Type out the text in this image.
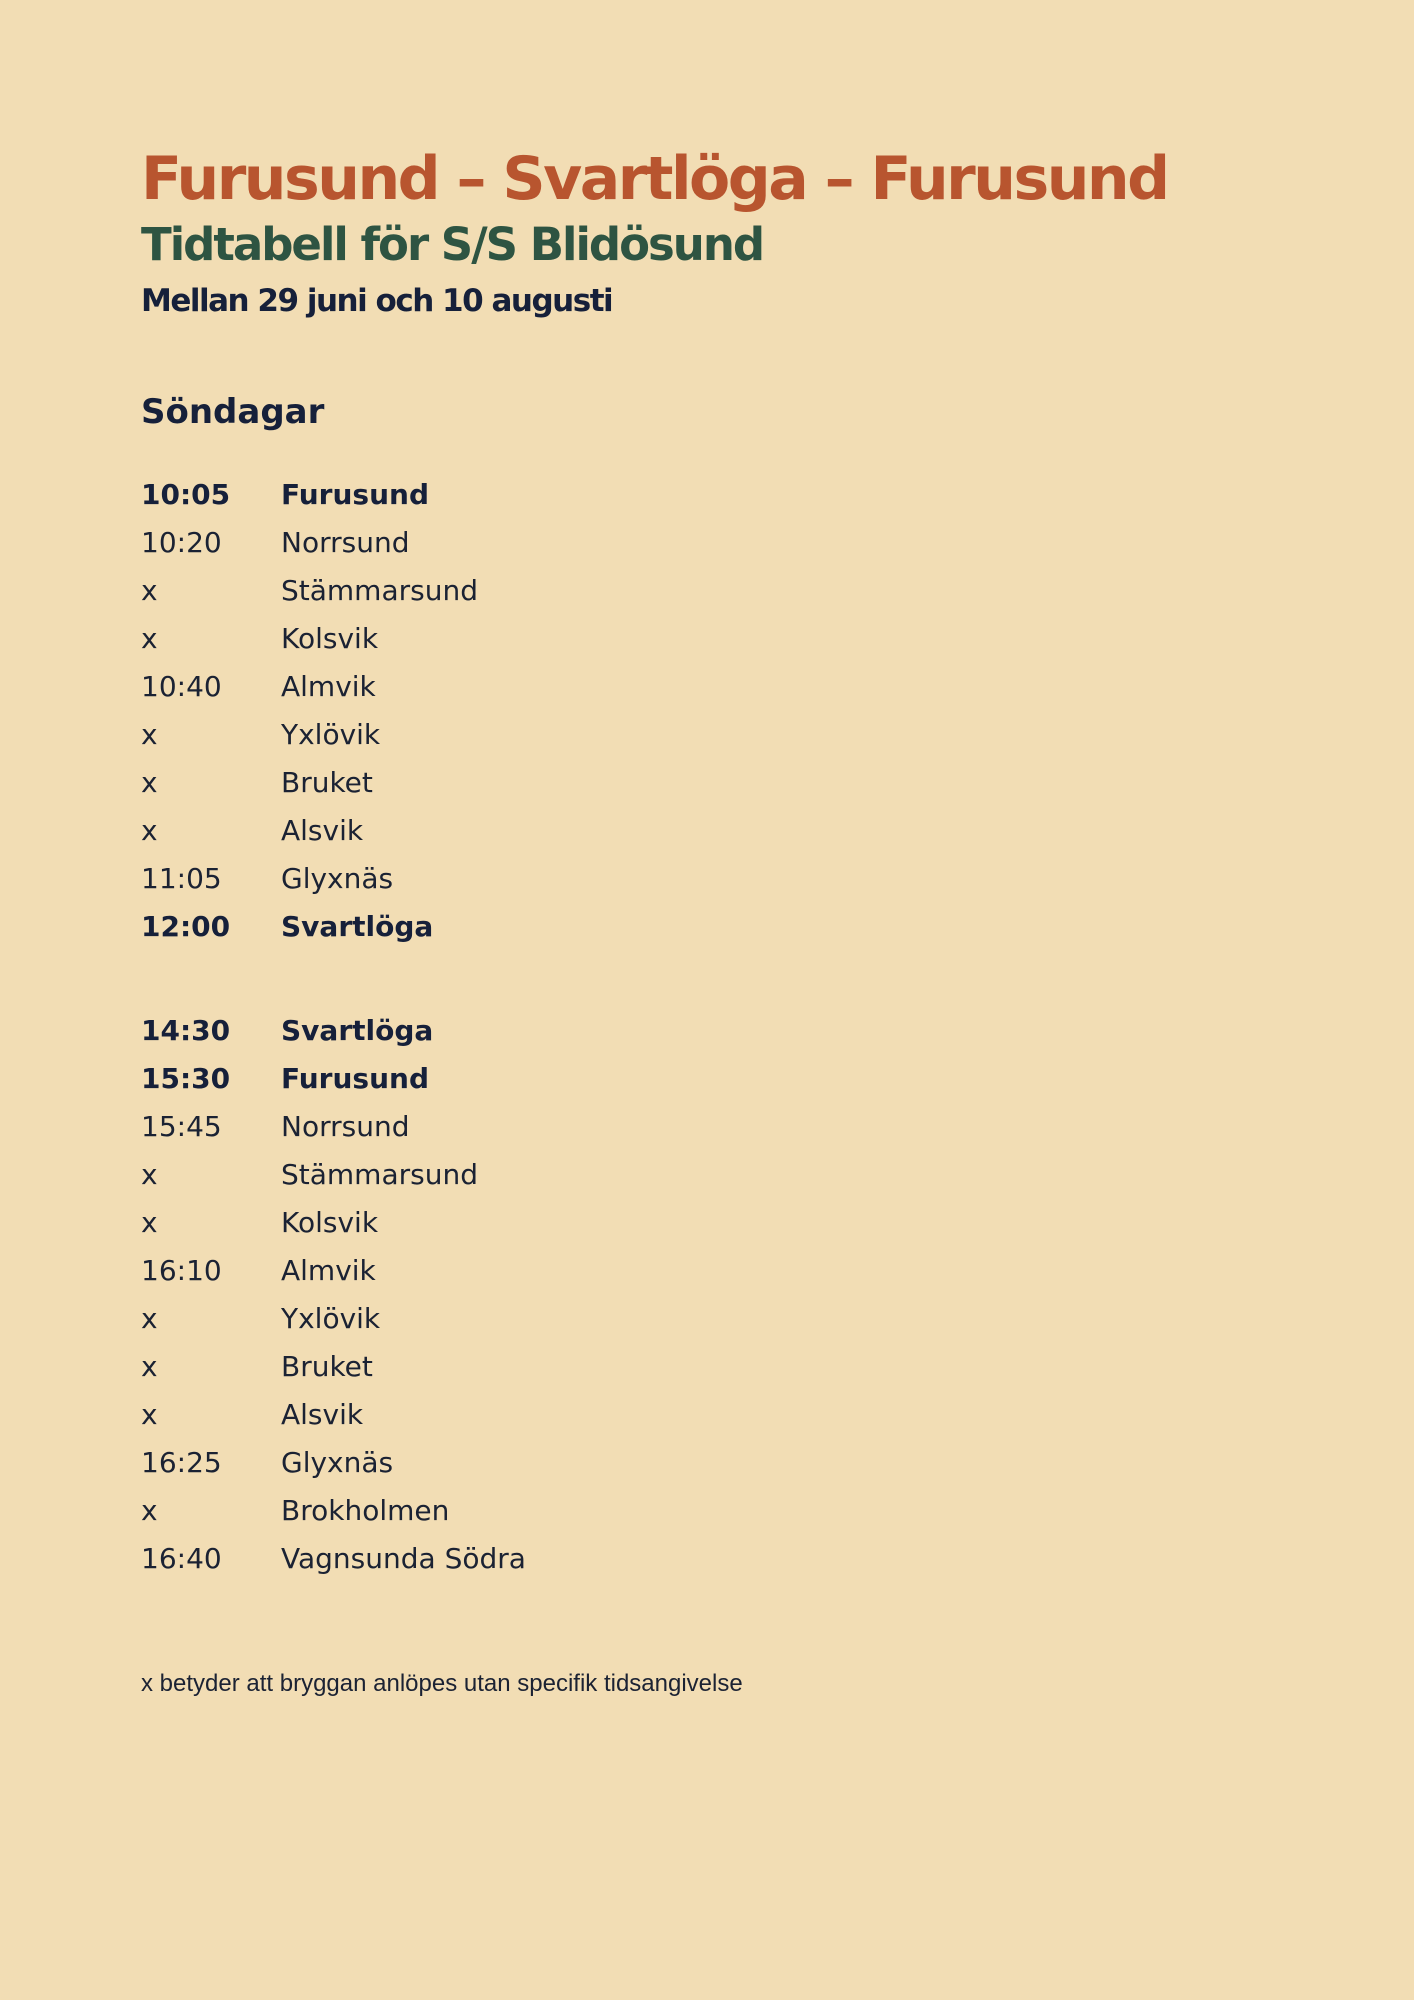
Furusund – Svartlöga – Furusund
Tidtabell för S/S Blidösund
Mellan 29 juni och 10 augusti
Söndagar
10:05	Furusund
10:20	Norrsund
x	Stämmarsund
x	Kolsvik
10:40	Almvik
x	Yxlövik
x	Bruket
x	Alsvik
11:05	Glyxnäs
12:00	Svartlöga
14:30	Svartlöga
15:30	Furusund
15:45	Norrsund
x	Stämmarsund
x	Kolsvik
16:10	Almvik
x	Yxlövik
x	Bruket
x	Alsvik
16:25	Glyxnäs
x	Brokholmen
16:40	Vagnsunda Södra

x betyder att bryggan anlöpes utan specifik tidsangivelse
